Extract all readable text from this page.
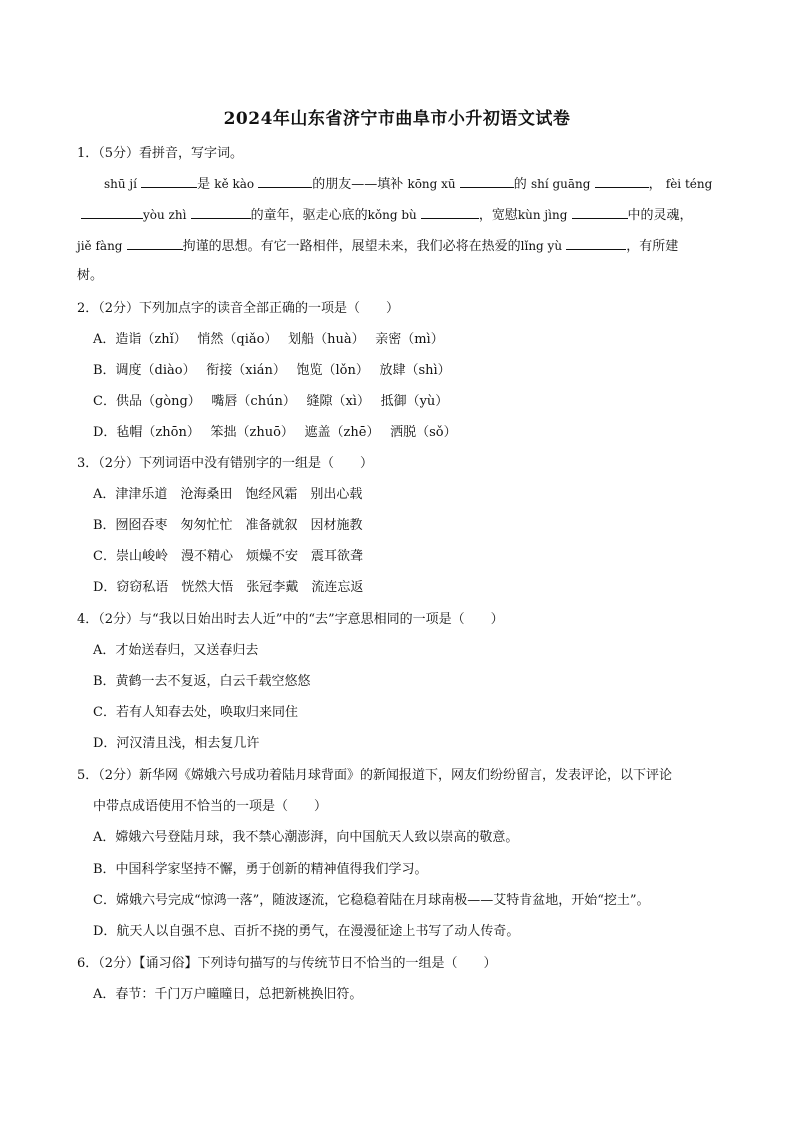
2024年山东省济宁市曲阜市小升初语文试卷
1．（5分）看拼音，写字词。
shū jí	是 kě kào	的朋友——填补 kōng xū	的 shí guāng	， fèi téng
yòu zhì	的童年，驱走心底的kǒng bù	，宽慰kùn jìng	中的灵魂，
jiě fàng	拘谨的思想。有它一路相伴，展望未来，我们必将在热爱的lǐng yù	，有所建
树。
2．（2分）下列加点字的读音全部正确的一项是（　　）
A．造诣（zhǐ）　 悄然（qiǎo）　 划船（huà）　 亲密（mì）
B．调度（diào）　 衔接（xián）　 饱览（lǒn）　 放肆（shì）
C．供品（gòng）　 嘴唇（chún）　 缝隙（xì）　 抵御（yù）
D．毡帽（zhōn）　 笨拙（zhuō）　 遮盖（zhē）　 洒脱（sǒ）
3．（2分）下列词语中没有错别字的一组是（　　）
A．津津乐道　沧海桑田　饱经风霜　别出心载
B．囫囵吞枣　匆匆忙忙　准备就叙　因材施教
C．崇山峻岭　漫不精心　烦燥不安　震耳欲聋
D．窃窃私语　恍然大悟　张冠李戴　流连忘返
4．（2分）与“我以日始出时去人近”中的“去”字意思相同的一项是（　　）
A．才始送春归，又送春归去
B．黄鹤一去不复返，白云千载空悠悠
C．若有人知春去处，唤取归来同住
D．河汉清且浅，相去复几许
5．（2分）新华网《嫦娥六号成功着陆月球背面》的新闻报道下，网友们纷纷留言，发表评论，以下评论
中带点成语使用不恰当的一项是（　　）
A．嫦娥六号登陆月球，我不禁心潮澎湃，向中国航天人致以崇高的敬意。
B．中国科学家坚持不懈，勇于创新的精神值得我们学习。
C．嫦娥六号完成“惊鸿一落”，随波逐流，它稳稳着陆在月球南极——艾特肯盆地，开始“挖土”。
D．航天人以自强不息、百折不挠的勇气，在漫漫征途上书写了动人传奇。
6．（2分）【诵习俗】下列诗句描写的与传统节日不恰当的一组是（　　）
A．春节：千门万户曈曈日，总把新桃换旧符。
